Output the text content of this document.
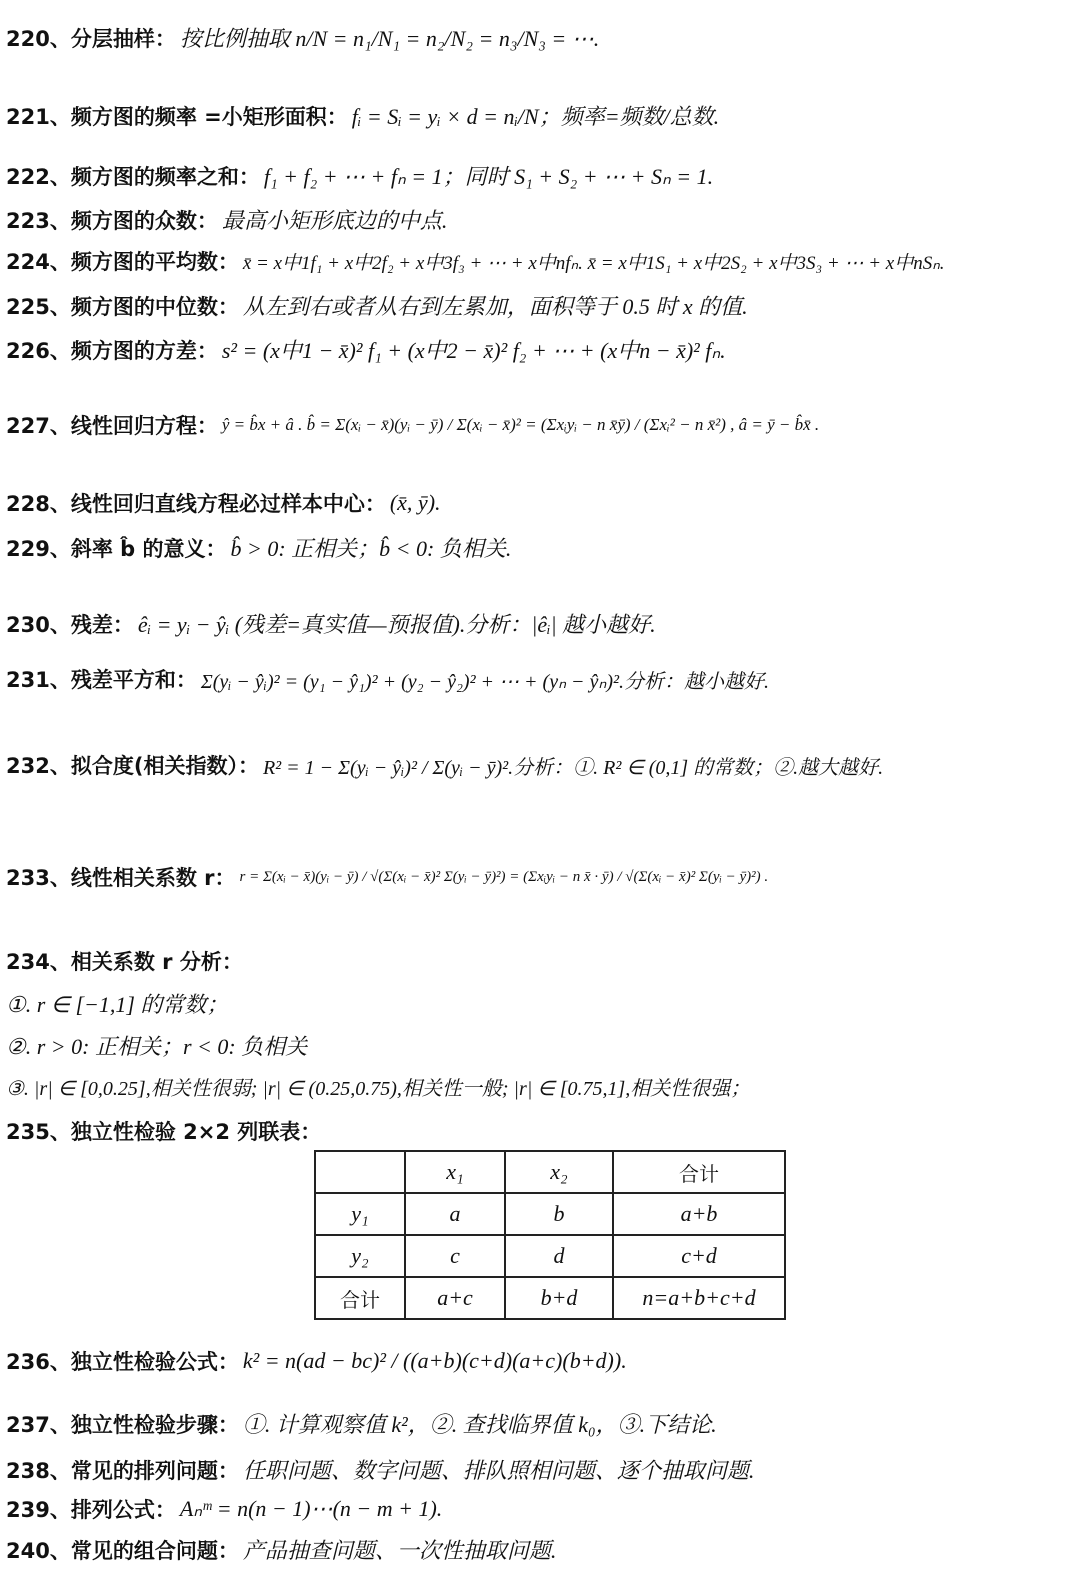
220、 分层抽样： 按比例抽取 n/N = n₁/N₁ = n₂/N₂ = n₃/N₃ = ⋯.
221、 频方图的频率 =小矩形面积： fᵢ = Sᵢ = yᵢ × d = nᵢ/N；频率=频数/总数.
222、 频方图的频率之和： f₁ + f₂ + ⋯ + fₙ = 1；同时 S₁ + S₂ + ⋯ + Sₙ = 1.
223、 频方图的众数： 最高小矩形底边的中点.
224、 频方图的平均数： x̄ = x中1f₁ + x中2f₂ + x中3f₃ + ⋯ + x中nfₙ. x̄ = x中1S₁ + x中2S₂ + x中3S₃ + ⋯ + x中nSₙ.
225、 频方图的中位数： 从左到右或者从右到左累加，面积等于 0.5 时 x 的值.
226、 频方图的方差： s² = (x中1 − x̄)² f₁ + (x中2 − x̄)² f₂ + ⋯ + (x中n − x̄)² fₙ.
227、 线性回归方程： ŷ = b̂x + â . b̂ = Σ(xᵢ − x̄)(yᵢ − ȳ) / Σ(xᵢ − x̄)² = (Σxᵢyᵢ − n x̄ȳ) / (Σxᵢ² − n x̄²) , â = ȳ − b̂x̄ .
228、 线性回归直线方程必过样本中心： (x̄, ȳ).
229、 斜率 b̂ 的意义： b̂ > 0: 正相关；b̂ < 0: 负相关.
230、 残差： êᵢ = yᵢ − ŷᵢ (残差=真实值—预报值).分析：|êᵢ| 越小越好.
231、 残差平方和： Σ(yᵢ − ŷᵢ)² = (y₁ − ŷ₁)² + (y₂ − ŷ₂)² + ⋯ + (yₙ − ŷₙ)².分析：越小越好.
232、 拟合度(相关指数）： R² = 1 − Σ(yᵢ − ŷᵢ)² / Σ(yᵢ − ȳ)².分析：①. R² ∈ (0,1] 的常数；②.越大越好.
233、 线性相关系数 r： r = Σ(xᵢ − x̄)(yᵢ − ȳ) / √(Σ(xᵢ − x̄)² Σ(yᵢ − ȳ)²) = (Σxᵢyᵢ − n x̄ · ȳ) / √(Σ(xᵢ − x̄)² Σ(yᵢ − ȳ)²) .
234、 相关系数 r 分析：
①. r ∈ [−1,1] 的常数；
②. r > 0: 正相关；r < 0: 负相关
③. |r| ∈ [0,0.25],相关性很弱; |r| ∈ (0.25,0.75),相关性一般; |r| ∈ [0.75,1],相关性很强；
235、 独立性检验 2×2 列联表：
	x₁	x₂	合计
y₁	a	b	a+b
y₂	c	d	c+d
合计	a+c	b+d	n=a+b+c+d
236、 独立性检验公式： k² = n(ad − bc)² / ((a+b)(c+d)(a+c)(b+d)).
237、 独立性检验步骤： ①. 计算观察值 k²，②. 查找临界值 k₀，③.下结论.
238、 常见的排列问题： 任职问题、数字问题、排队照相问题、逐个抽取问题.
239、 排列公式： Aₙᵐ = n(n − 1)⋯(n − m + 1).
240、 常见的组合问题： 产品抽查问题、一次性抽取问题.
